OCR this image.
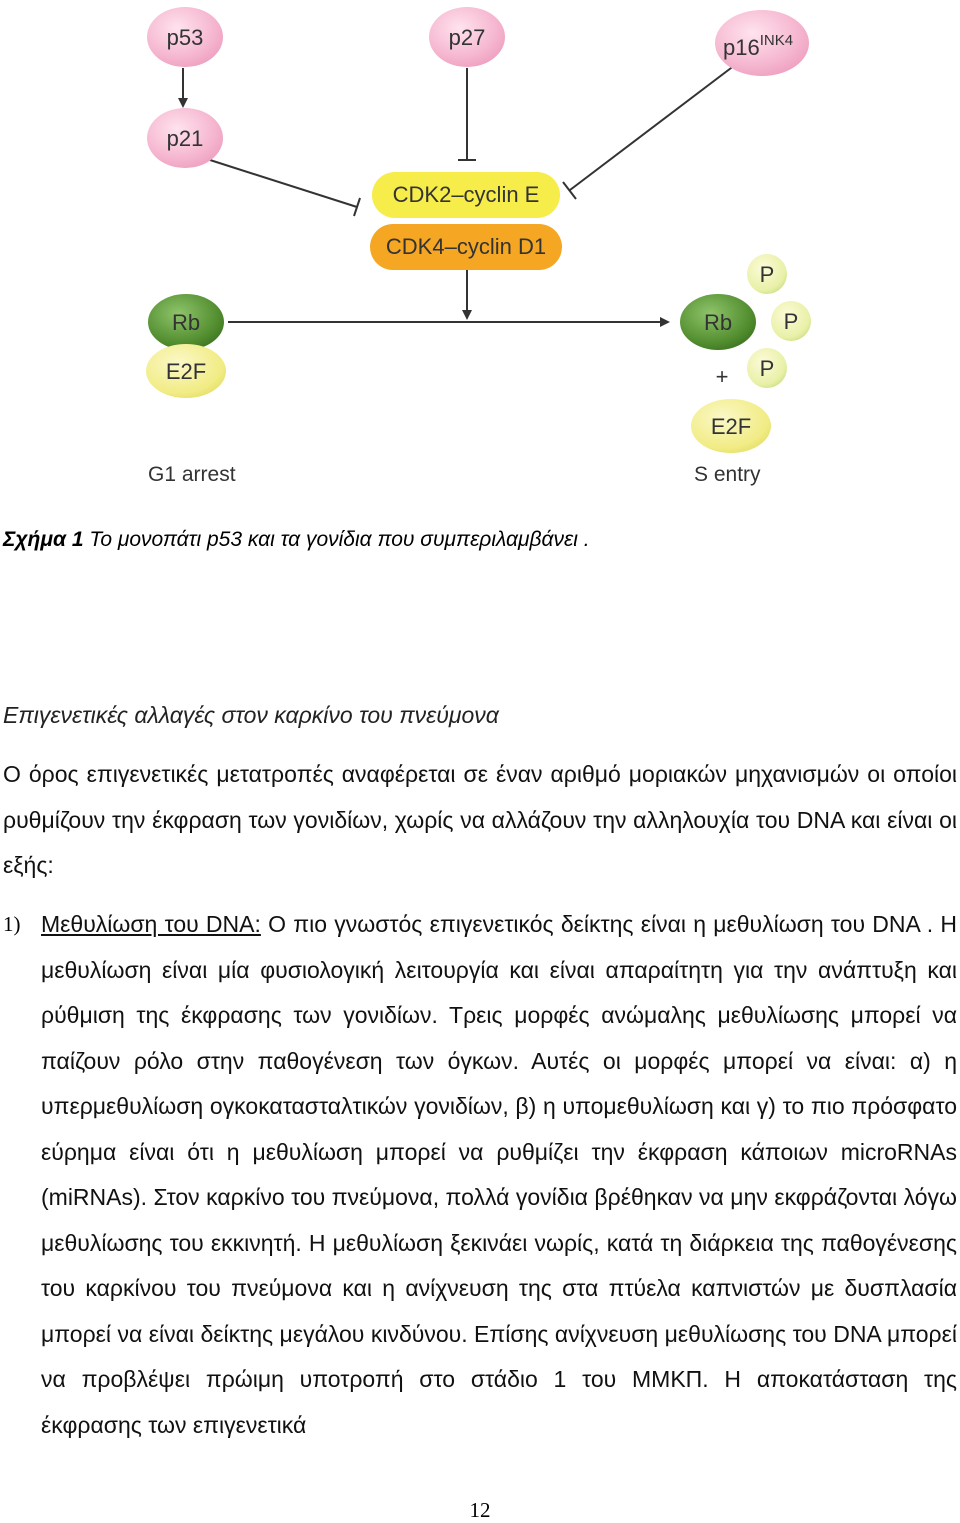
p53	p27	$p16^{INK4}$
p21
CDK2–cyclin E
CDK4–cyclin D1
Rb
E2F
Rb
P
P
P
+
E2F
G1 arrest	S entry
Σχήμα 1 Το μονοπάτι p53 και τα γονίδια που συμπεριλαμβάνει .
Επιγενετικές αλλαγές στον καρκίνο του πνεύμονα
Ο όρος επιγενετικές μετατροπές αναφέρεται σε έναν αριθμό μοριακών μηχανισμών οι οποίοι ρυθμίζουν την έκφραση των γονιδίων, χωρίς να αλλάζουν την αλληλουχία του DNA και είναι οι εξής:
1) Μεθυλίωση του DNA: Ο πιο γνωστός επιγενετικός δείκτης είναι η μεθυλίωση του DNA . Η μεθυλίωση είναι μία φυσιολογική λειτουργία και είναι απαραίτητη για την ανάπτυξη και ρύθμιση της έκφρασης των γονιδίων. Τρεις μορφές ανώμαλης μεθυλίωσης μπορεί να παίζουν ρόλο στην παθογένεση των όγκων. Αυτές οι μορφές μπορεί να είναι: α) η υπερμεθυλίωση ογκοκατασταλτικών γονιδίων, β) η υπομεθυλίωση και γ) το πιο πρόσφατο εύρημα είναι ότι η μεθυλίωση μπορεί να ρυθμίζει την έκφραση κάποιων microRNAs (miRNAs). Στον καρκίνο του πνεύμονα, πολλά γονίδια βρέθηκαν να μην εκφράζονται λόγω μεθυλίωσης του εκκινητή. Η μεθυλίωση ξεκινάει νωρίς, κατά τη διάρκεια της παθογένεσης του καρκίνου του πνεύμονα και η ανίχνευση της στα πτύελα καπνιστών με δυσπλασία μπορεί να είναι δείκτης μεγάλου κινδύνου. Επίσης ανίχνευση μεθυλίωσης του DNA μπορεί να προβλέψει πρώιμη υποτροπή στο στάδιο 1 του ΜΜΚΠ. Η αποκατάσταση της έκφρασης των επιγενετικά
12
